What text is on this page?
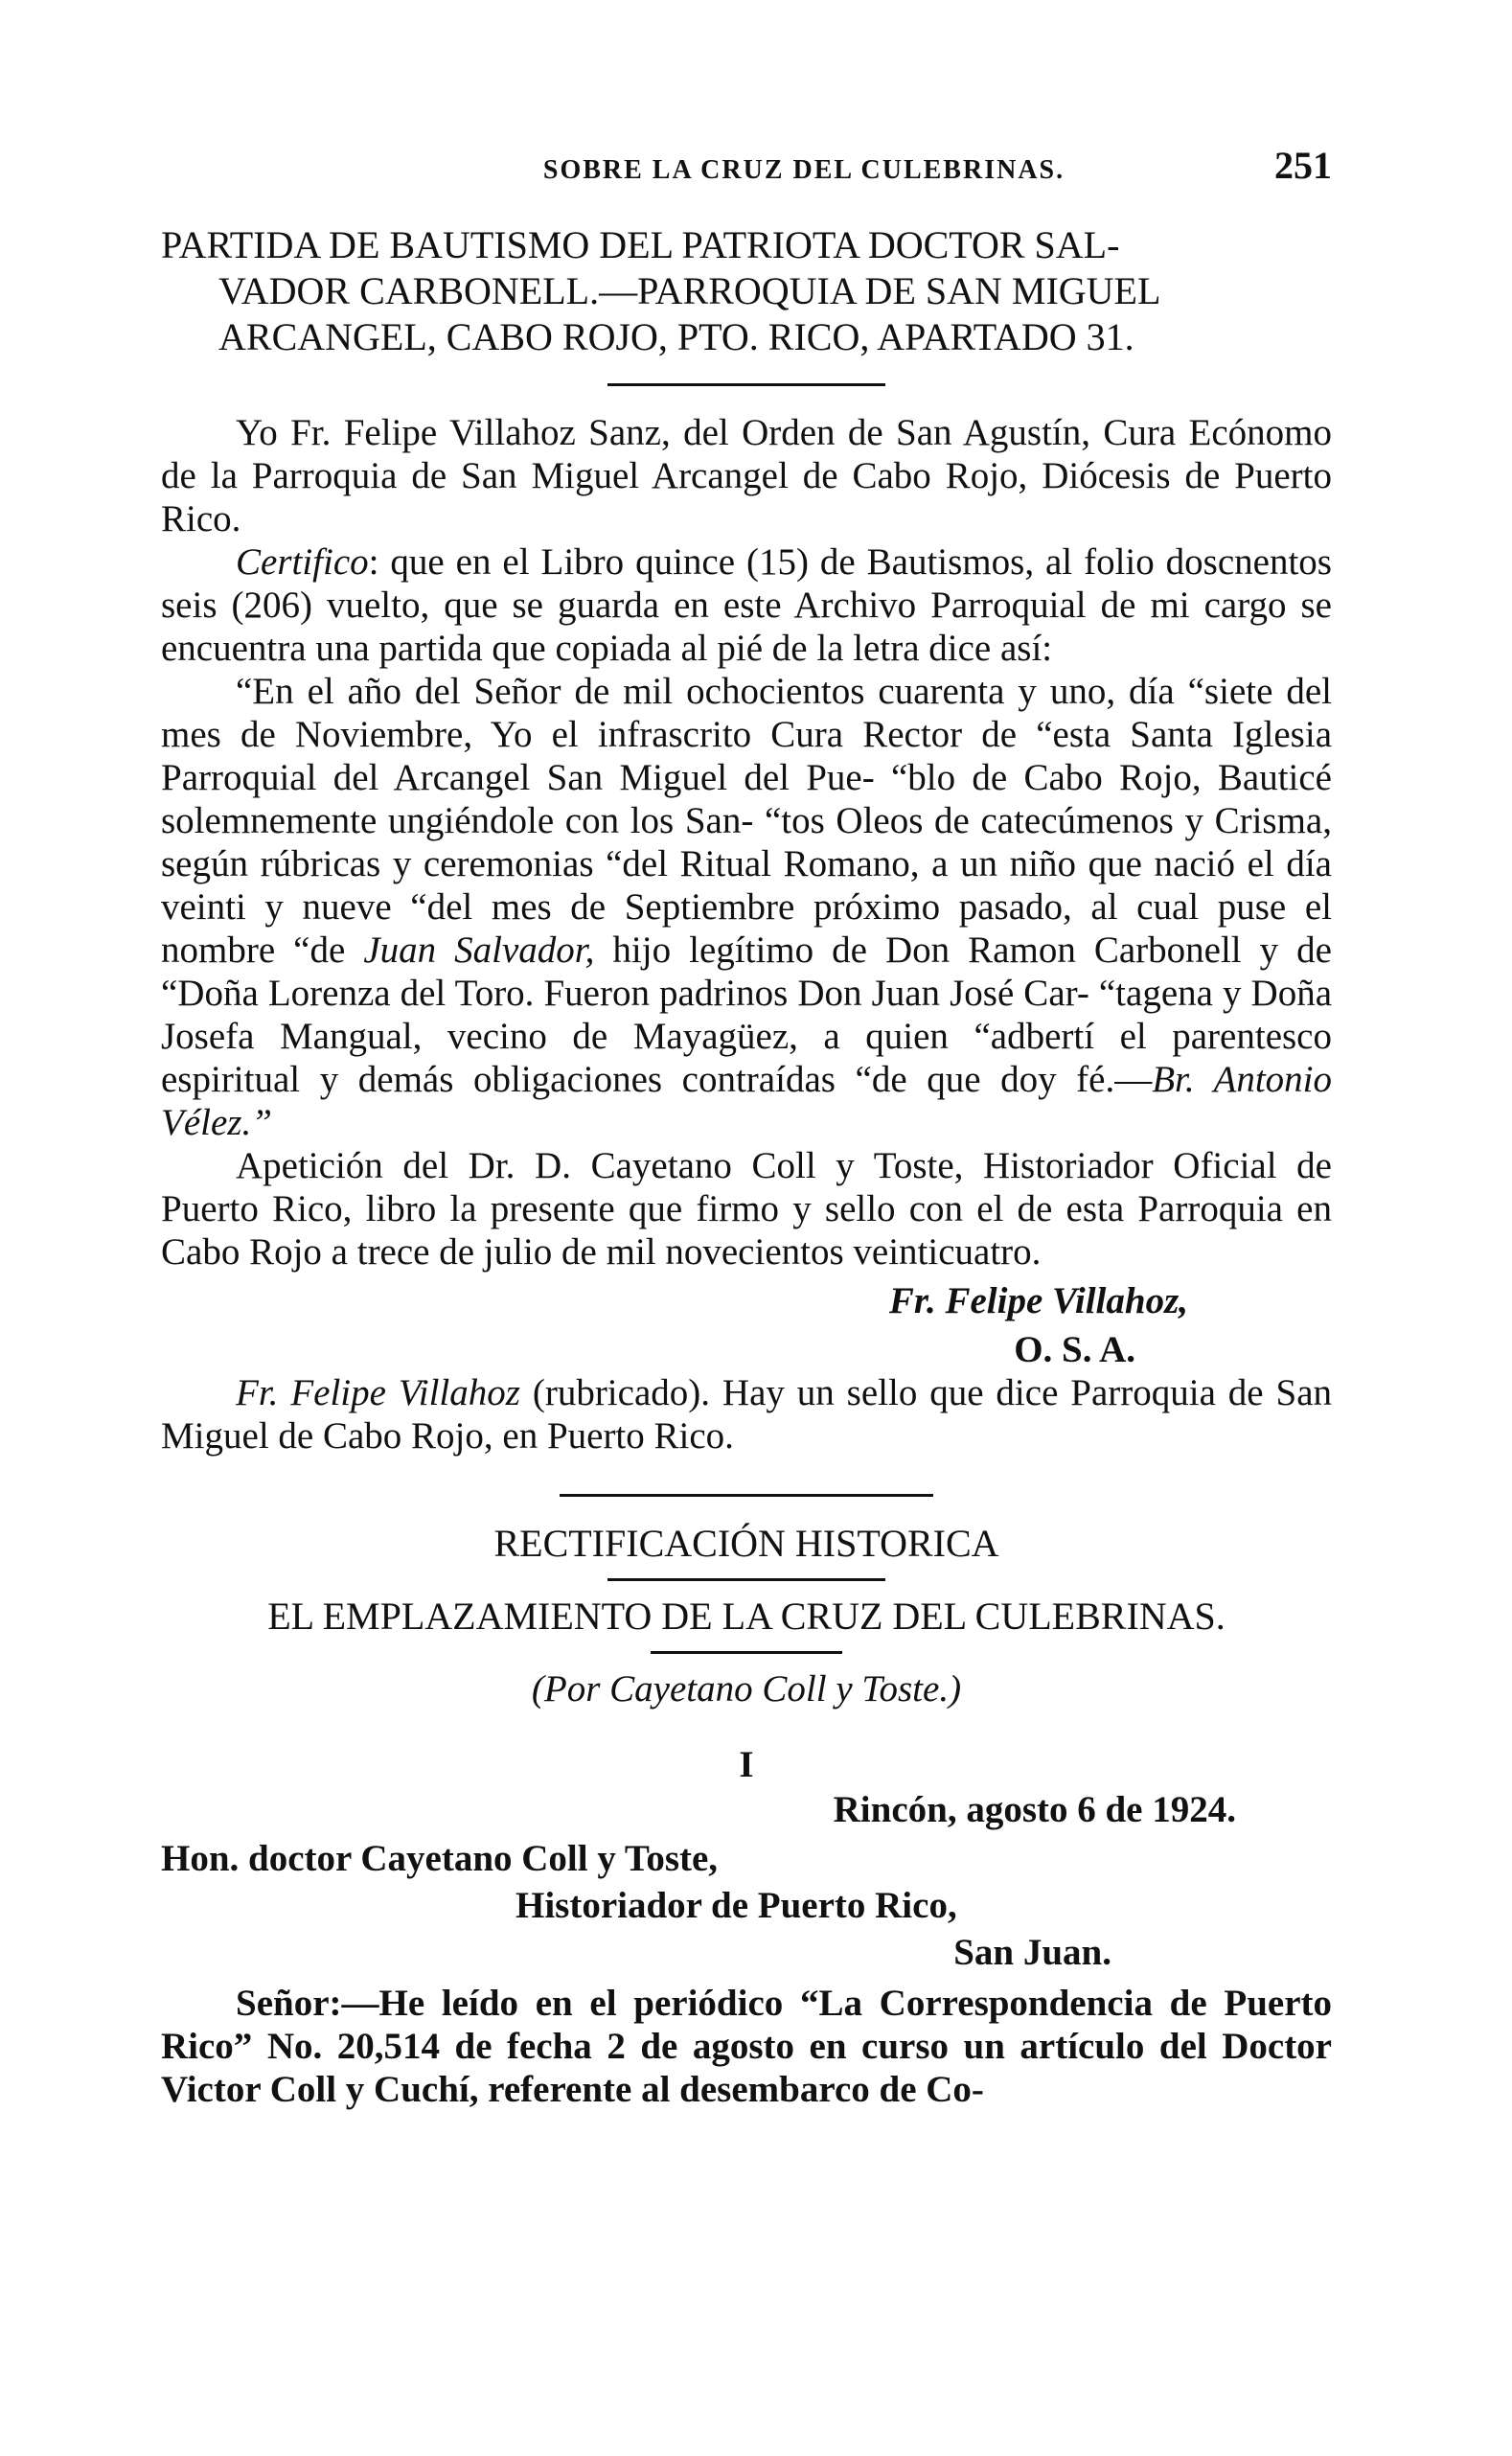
SOBRE LA CRUZ DEL CULEBRINAS.	251
PARTIDA DE BAUTISMO DEL PATRIOTA DOCTOR SAL-
VADOR CARBONELL.—PARROQUIA DE SAN MIGUEL
ARCANGEL, CABO ROJO, PTO. RICO, APARTADO 31.

Yo Fr. Felipe Villahoz Sanz, del Orden de San Agustín, Cura Ecónomo de la Parroquia de San Miguel Arcangel de Cabo Rojo, Diócesis de Puerto Rico.

Certifico: que en el Libro quince (15) de Bautismos, al folio doscnentos seis (206) vuelto, que se guarda en este Archivo Parroquial de mi cargo se encuentra una partida que copiada al pié de la letra dice así:

“En el año del Señor de mil ochocientos cuarenta y uno, día “siete del mes de Noviembre, Yo el infrascrito Cura Rector de “esta Santa Iglesia Parroquial del Arcangel San Miguel del Pue- “blo de Cabo Rojo, Bauticé solemnemente ungiéndole con los San- “tos Oleos de catecúmenos y Crisma, según rúbricas y ceremonias “del Ritual Romano, a un niño que nació el día veinti y nueve “del mes de Septiembre próximo pasado, al cual puse el nombre “de Juan Salvador, hijo legítimo de Don Ramon Carbonell y de “Doña Lorenza del Toro. Fueron padrinos Don Juan José Car- “tagena y Doña Josefa Mangual, vecino de Mayagüez, a quien “adbertí el parentesco espiritual y demás obligaciones contraídas “de que doy fé.—Br. Antonio Vélez.”

Apetición del Dr. D. Cayetano Coll y Toste, Historiador Oficial de Puerto Rico, libro la presente que firmo y sello con el de esta Parroquia en Cabo Rojo a trece de julio de mil novecientos veinticuatro.

Fr. Felipe Villahoz,
O. S. A.

Fr. Felipe Villahoz (rubricado). Hay un sello que dice Parroquia de San Miguel de Cabo Rojo, en Puerto Rico.

RECTIFICACIÓN HISTORICA
EL EMPLAZAMIENTO DE LA CRUZ DEL CULEBRINAS.
(Por Cayetano Coll y Toste.)
I
Rincón, agosto 6 de 1924.
Hon. doctor Cayetano Coll y Toste,
Historiador de Puerto Rico,
San Juan.

Señor:—He leído en el periódico “La Correspondencia de Puerto Rico” No. 20,514 de fecha 2 de agosto en curso un artículo del Doctor Victor Coll y Cuchí, referente al desembarco de Co-
